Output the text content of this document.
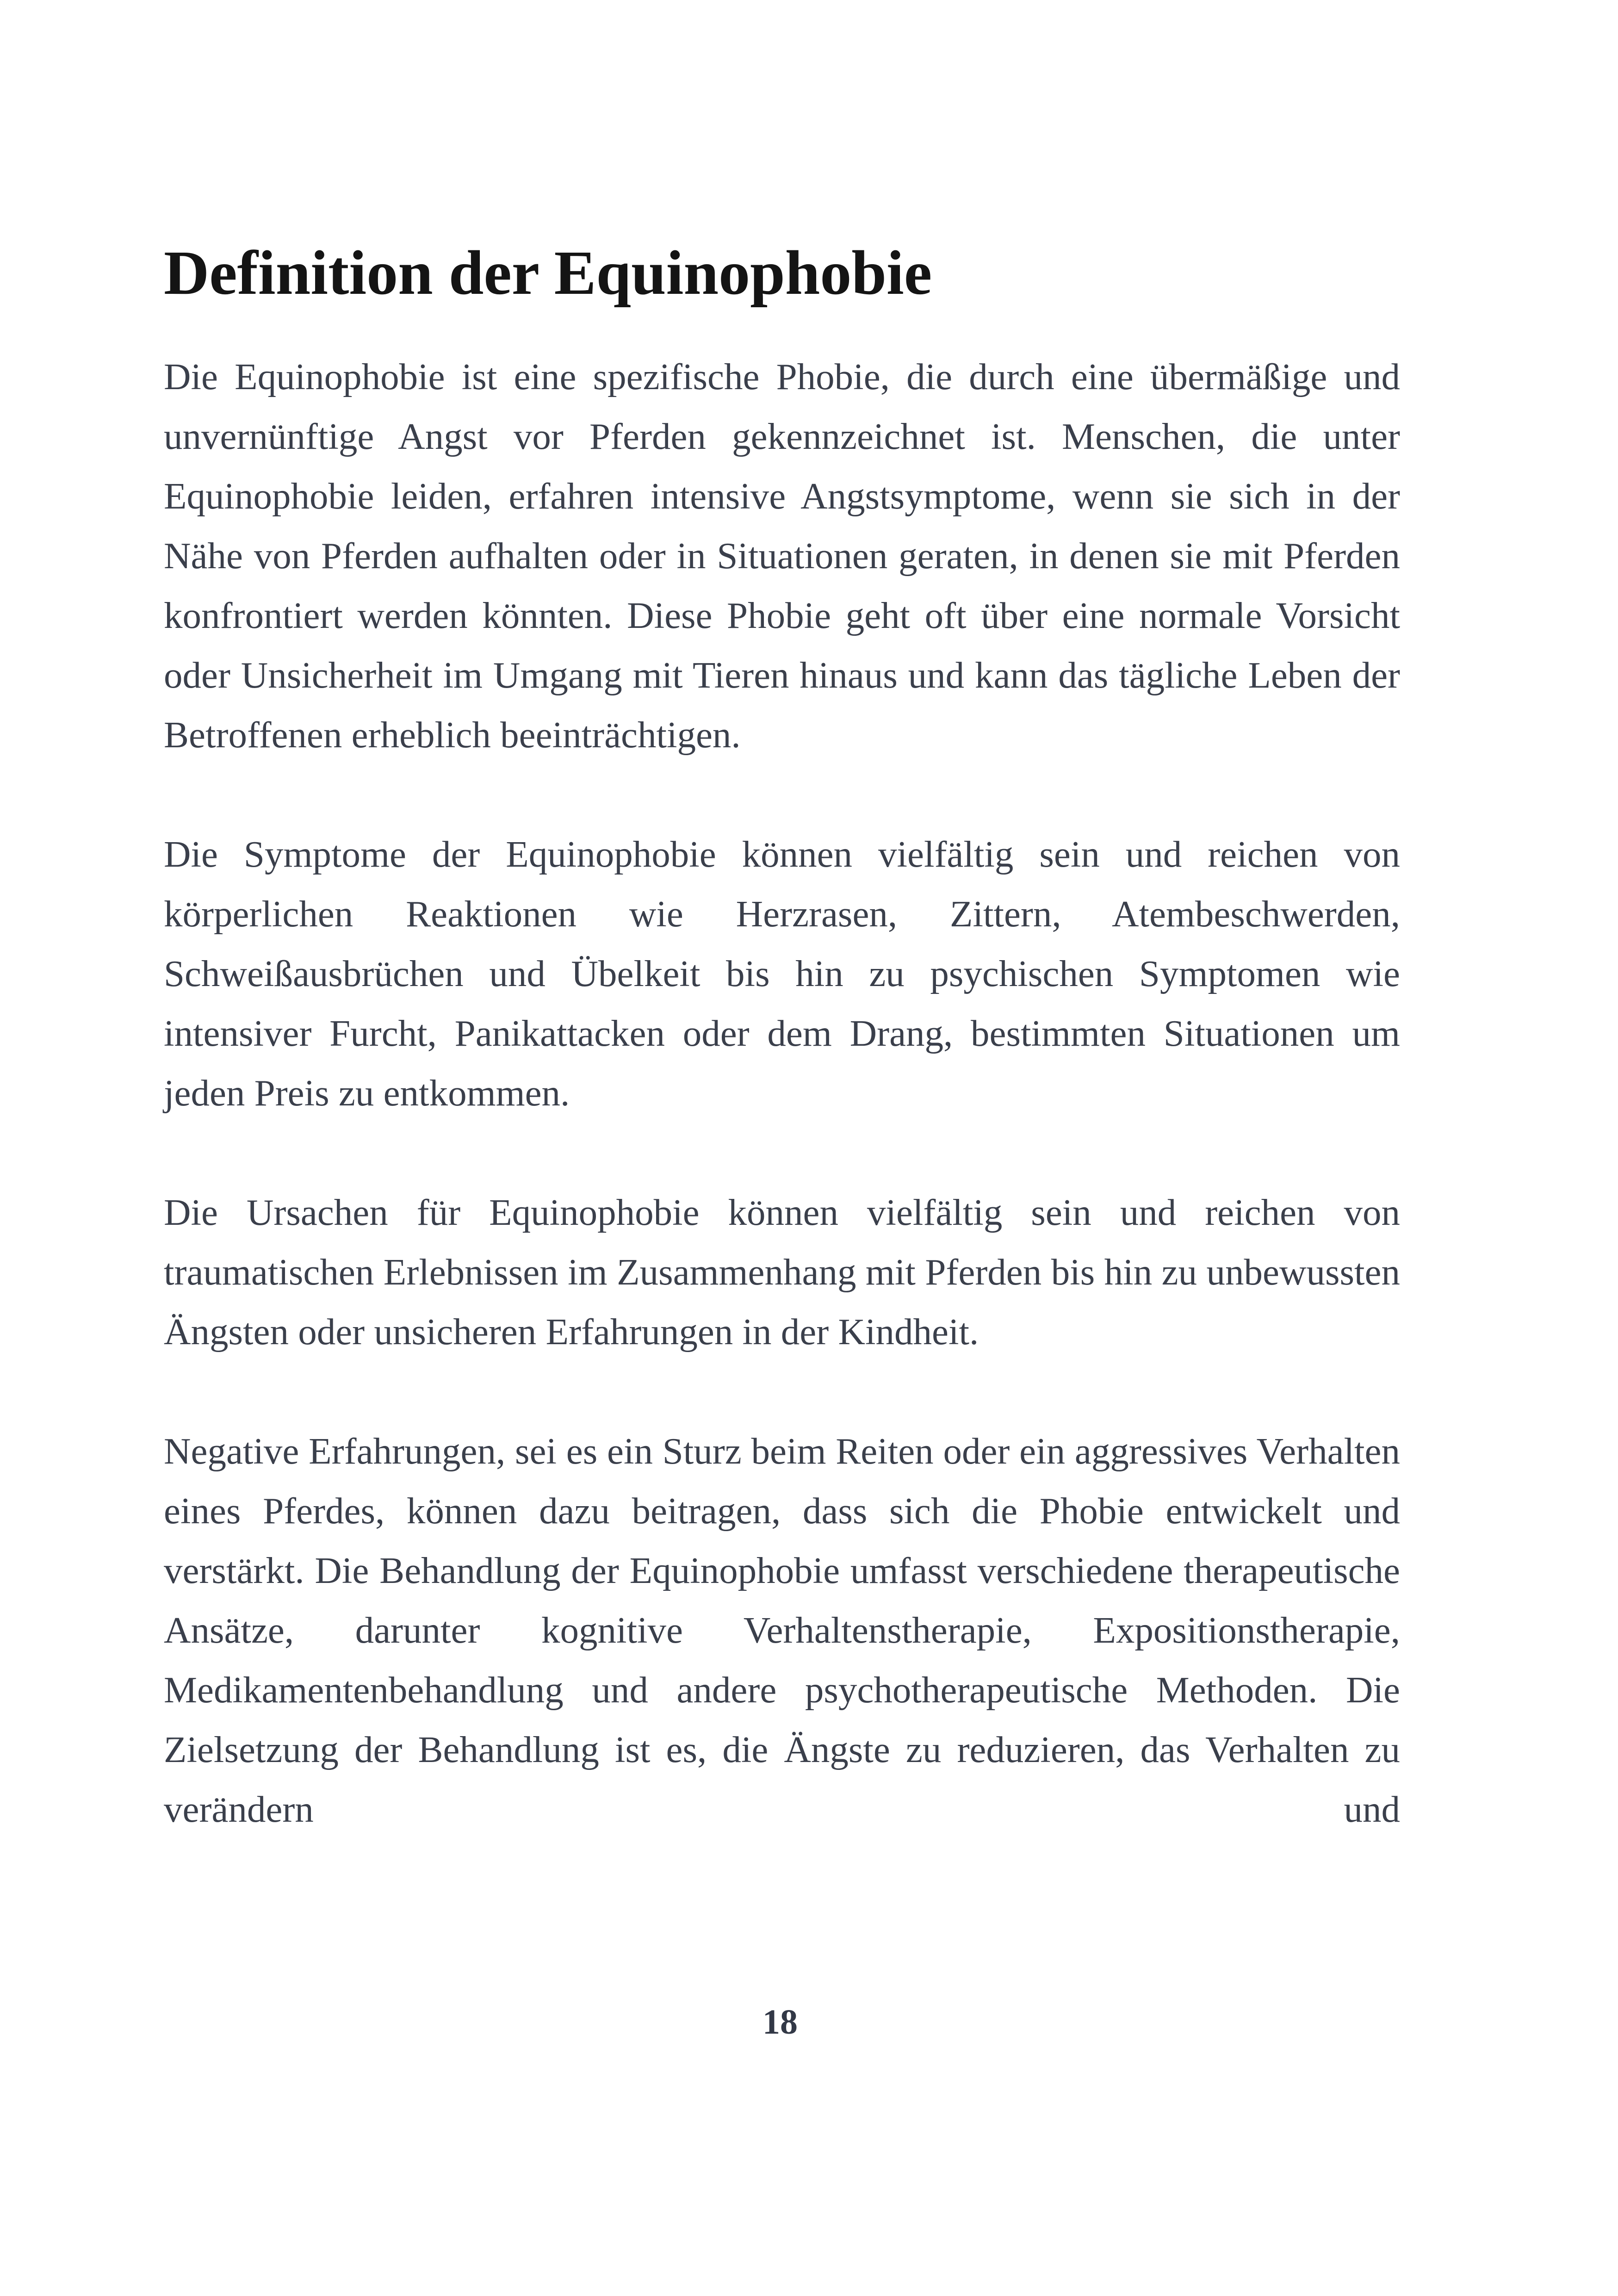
Definition der Equinophobie

Die Equinophobie ist eine spezifische Phobie, die durch eine übermäßige und unvernünftige Angst vor Pferden gekennzeichnet ist. Menschen, die unter Equinophobie leiden, erfahren intensive Angstsymptome, wenn sie sich in der Nähe von Pferden aufhalten oder in Situationen geraten, in denen sie mit Pferden konfrontiert werden könnten. Diese Phobie geht oft über eine normale Vorsicht oder Unsicherheit im Umgang mit Tieren hinaus und kann das tägliche Leben der Betroffenen erheblich beeinträchtigen.

Die Symptome der Equinophobie können vielfältig sein und reichen von körperlichen Reaktionen wie Herzrasen, Zittern, Atembeschwerden, Schweißausbrüchen und Übelkeit bis hin zu psychischen Symptomen wie intensiver Furcht, Panikattacken oder dem Drang, bestimmten Situationen um jeden Preis zu entkommen.

Die Ursachen für Equinophobie können vielfältig sein und reichen von traumatischen Erlebnissen im Zusammenhang mit Pferden bis hin zu unbewussten Ängsten oder unsicheren Erfahrungen in der Kindheit.

Negative Erfahrungen, sei es ein Sturz beim Reiten oder ein aggressives Verhalten eines Pferdes, können dazu beitragen, dass sich die Phobie entwickelt und verstärkt. Die Behandlung der Equinophobie umfasst verschiedene therapeutische Ansätze, darunter kognitive Verhaltenstherapie, Expositionstherapie, Medikamentenbehandlung und andere psychotherapeutische Methoden. Die Zielsetzung der Behandlung ist es, die Ängste zu reduzieren, das Verhalten zu verändern und

18
